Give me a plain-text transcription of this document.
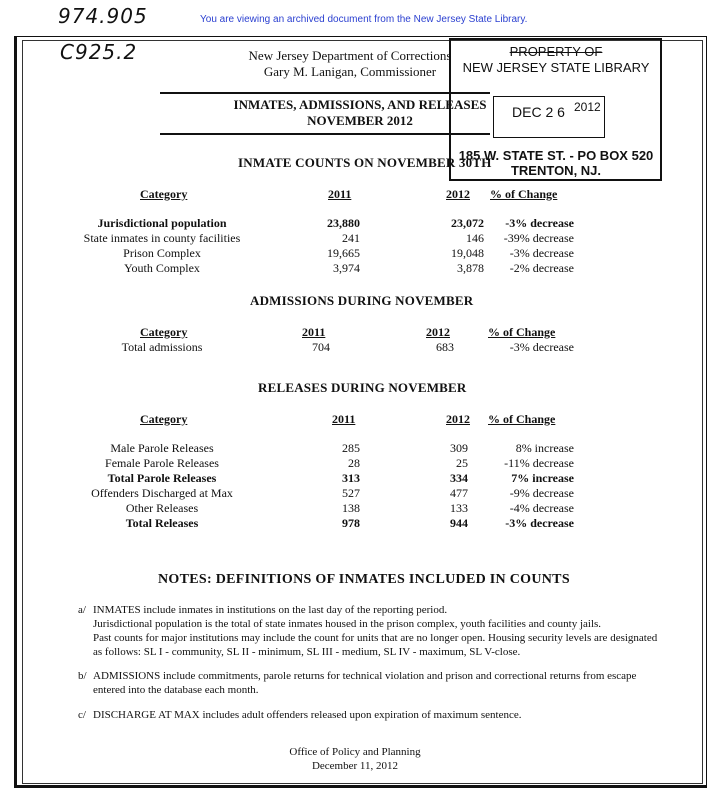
974.905
C925.2
You are viewing an archived document from the New Jersey State Library.
New Jersey Department of Corrections
Gary M. Lanigan, Commissioner
INMATES, ADMISSIONS, AND RELEASES
NOVEMBER 2012
PROPERTY OF
NEW JERSEY STATE LIBRARY
DEC 2 6 2012
185 W. STATE ST. - PO BOX 520
TRENTON, NJ.
INMATE COUNTS ON NOVEMBER 30TH
Category	2011	2012 % of Change
Jurisdictional population	23,880	23,072	-3% decrease
State inmates in county facilities	241	146	-39% decrease
Prison Complex	19,665	19,048	-3% decrease
Youth Complex	3,974	3,878	-2% decrease
ADMISSIONS DURING NOVEMBER
Category	2011	2012	% of Change
Total admissions	704	683	-3% decrease
RELEASES DURING NOVEMBER
Category	2011	2012 % of Change
Male Parole Releases	285	309	8% increase
Female Parole Releases	28	25	-11% decrease
Total Parole Releases	313	334	7% increase
Offenders Discharged at Max	527	477	-9% decrease
Other Releases	138	133	-4% decrease
Total Releases	978	944	-3% decrease
NOTES: DEFINITIONS OF INMATES INCLUDED IN COUNTS
a/ INMATES include inmates in institutions on the last day of the reporting period.
Jurisdictional population is the total of state inmates housed in the prison complex, youth facilities and county jails.
Past counts for major institutions may include the count for units that are no longer open. Housing security levels are designated
as follows: SL I - community, SL II - minimum, SL III - medium, SL IV - maximum, SL V-close.
b/ ADMISSIONS include commitments, parole returns for technical violation and prison and correctional returns from escape
entered into the database each month.
c/ DISCHARGE AT MAX includes adult offenders released upon expiration of maximum sentence.
Office of Policy and Planning
December 11, 2012
